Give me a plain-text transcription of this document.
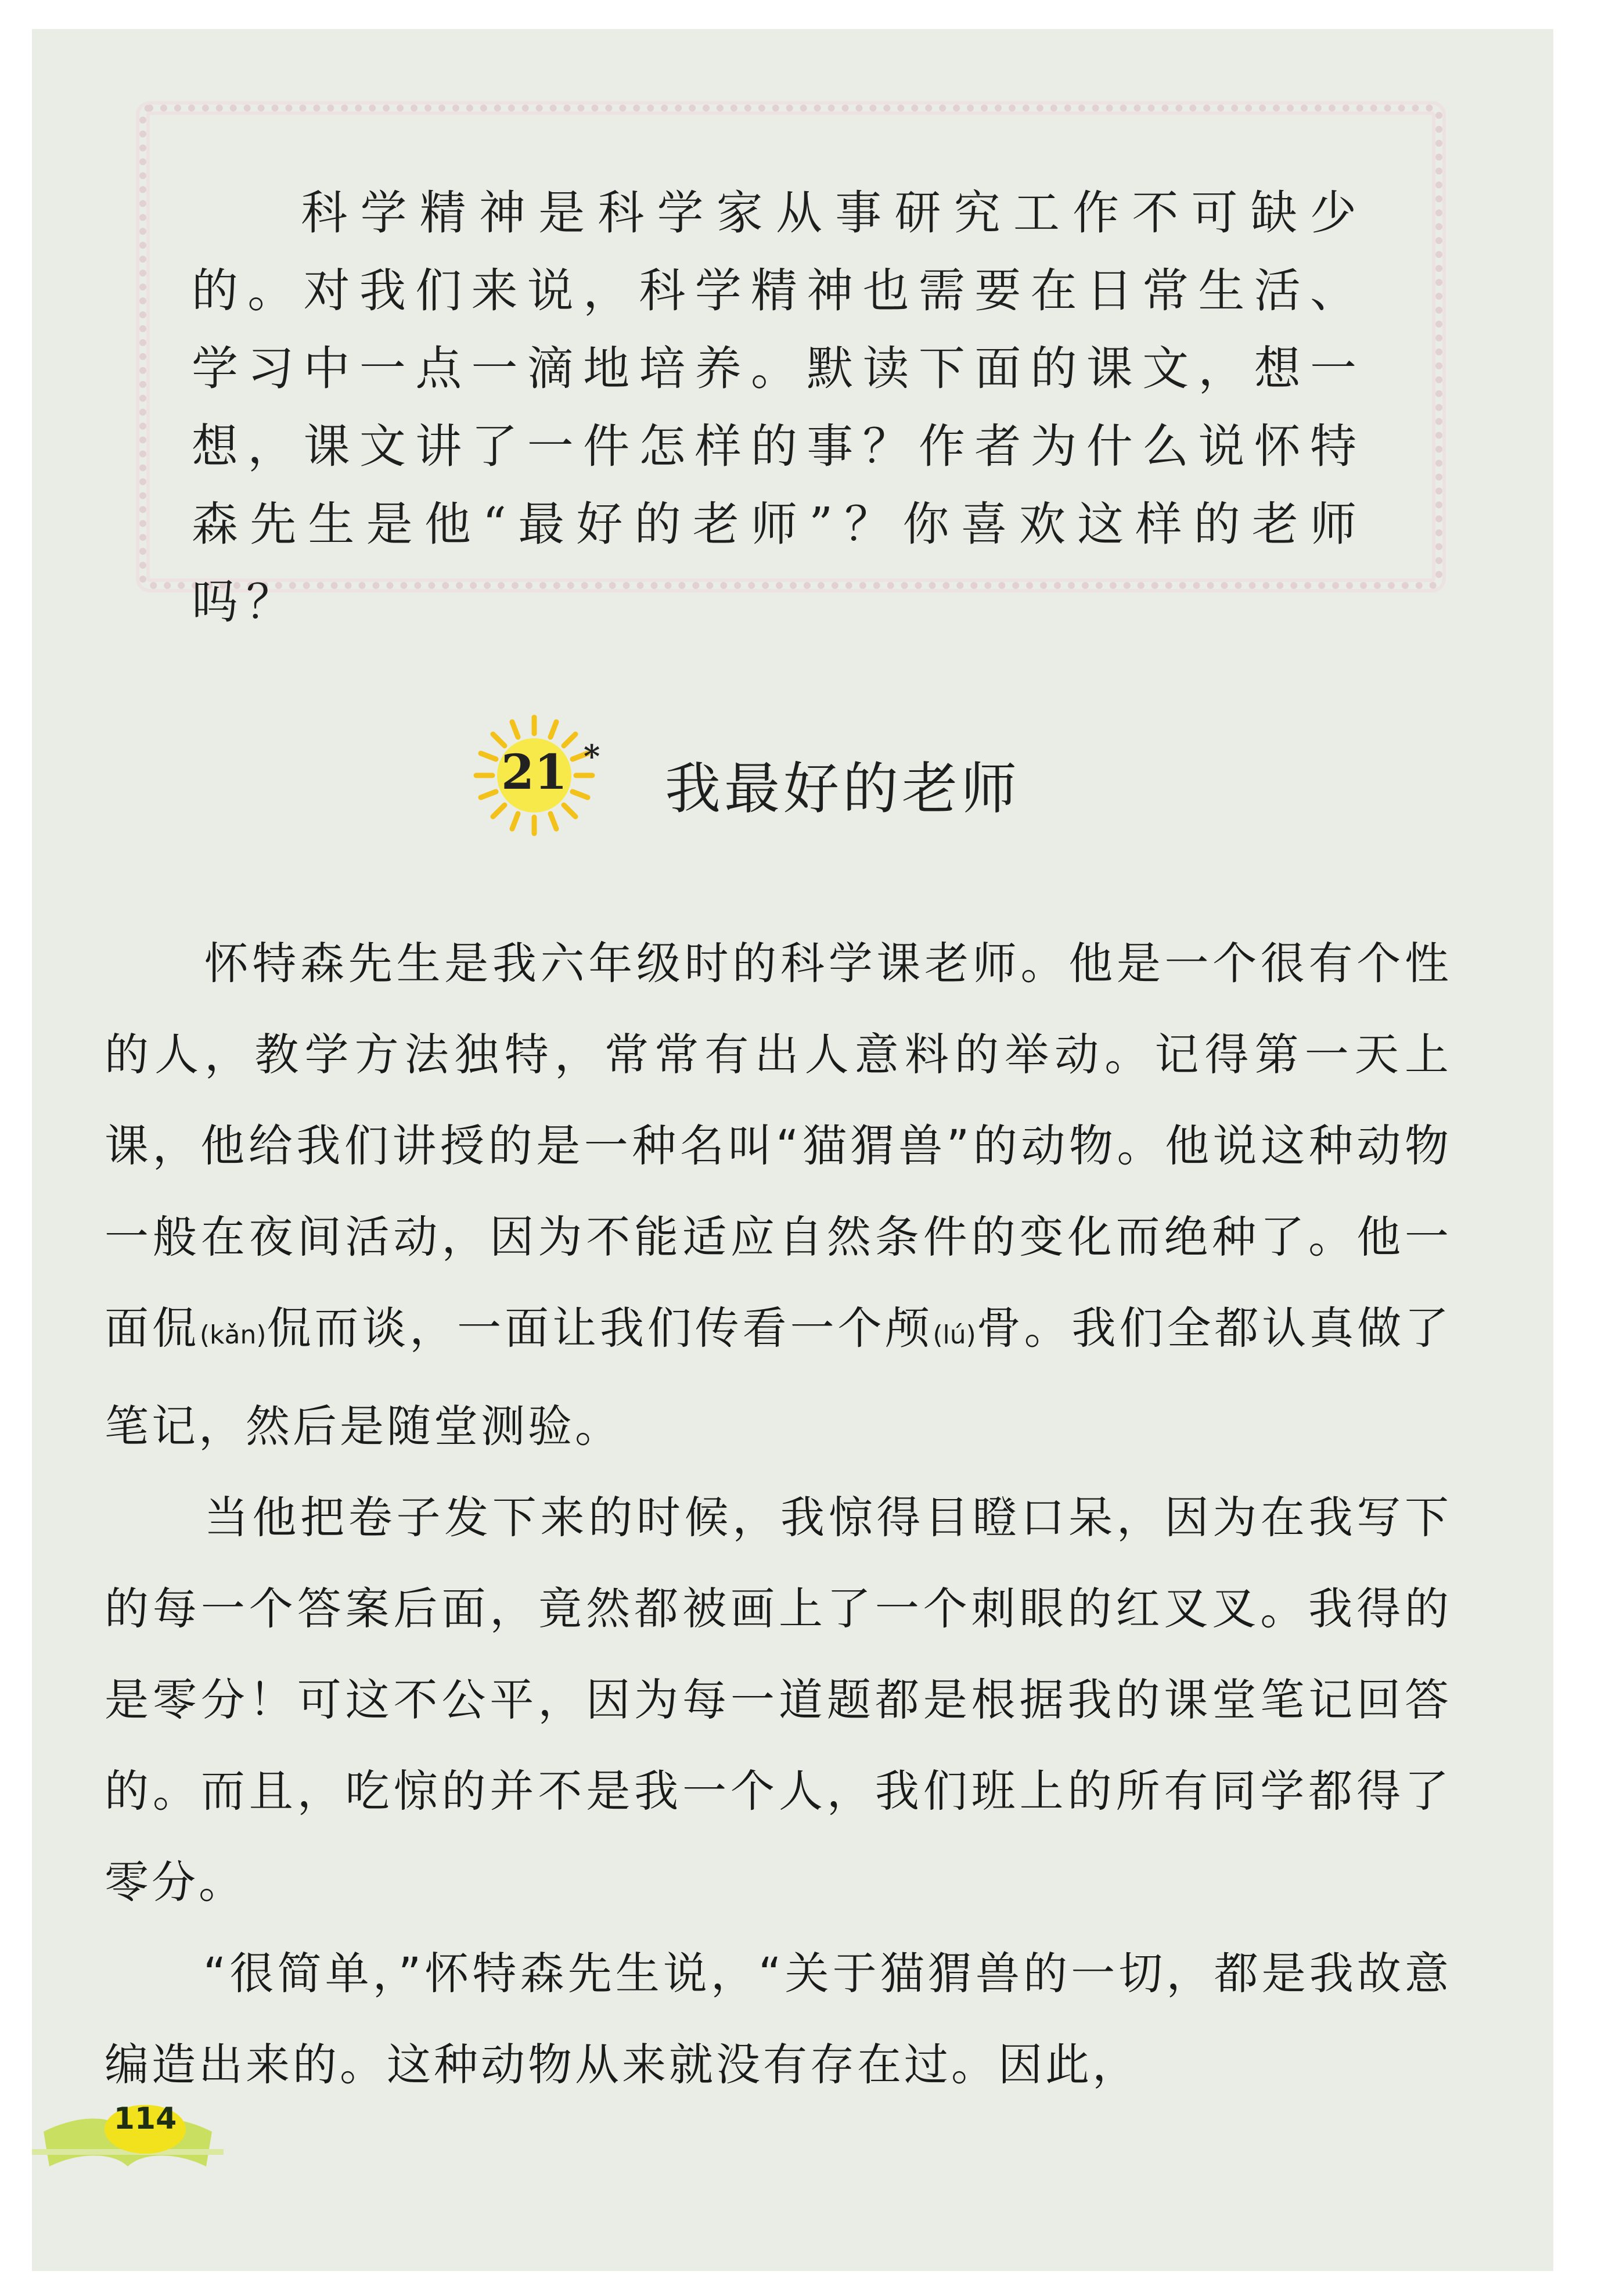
科学精神是科学家从事研究工作不可缺少的。对我们来说，科学精神也需要在日常生活、学习中一点一滴地培养。默读下面的课文，想一想，课文讲了一件怎样的事？作者为什么说怀特森先生是他“最好的老师”？你喜欢这样的老师吗？
21 * 我最好的老师

怀特森先生是我六年级时的科学课老师。他是一个很有个性的人，教学方法独特，常常有出人意料的举动。记得第一天上课，他给我们讲授的是一种名叫“猫猬兽”的动物。他说这种动物一般在夜间活动，因为不能适应自然条件的变化而绝种了。他一面侃(kǎn)侃而谈，一面让我们传看一个颅(lú)骨。我们全都认真做了笔记，然后是随堂测验。

当他把卷子发下来的时候，我惊得目瞪口呆，因为在我写下的每一个答案后面，竟然都被画上了一个刺眼的红叉叉。我得的是零分！可这不公平，因为每一道题都是根据我的课堂笔记回答的。而且，吃惊的并不是我一个人，我们班上的所有同学都得了零分。

“很简单，”怀特森先生说，“关于猫猬兽的一切，都是我故意编造出来的。这种动物从来就没有存在过。因此，

114
